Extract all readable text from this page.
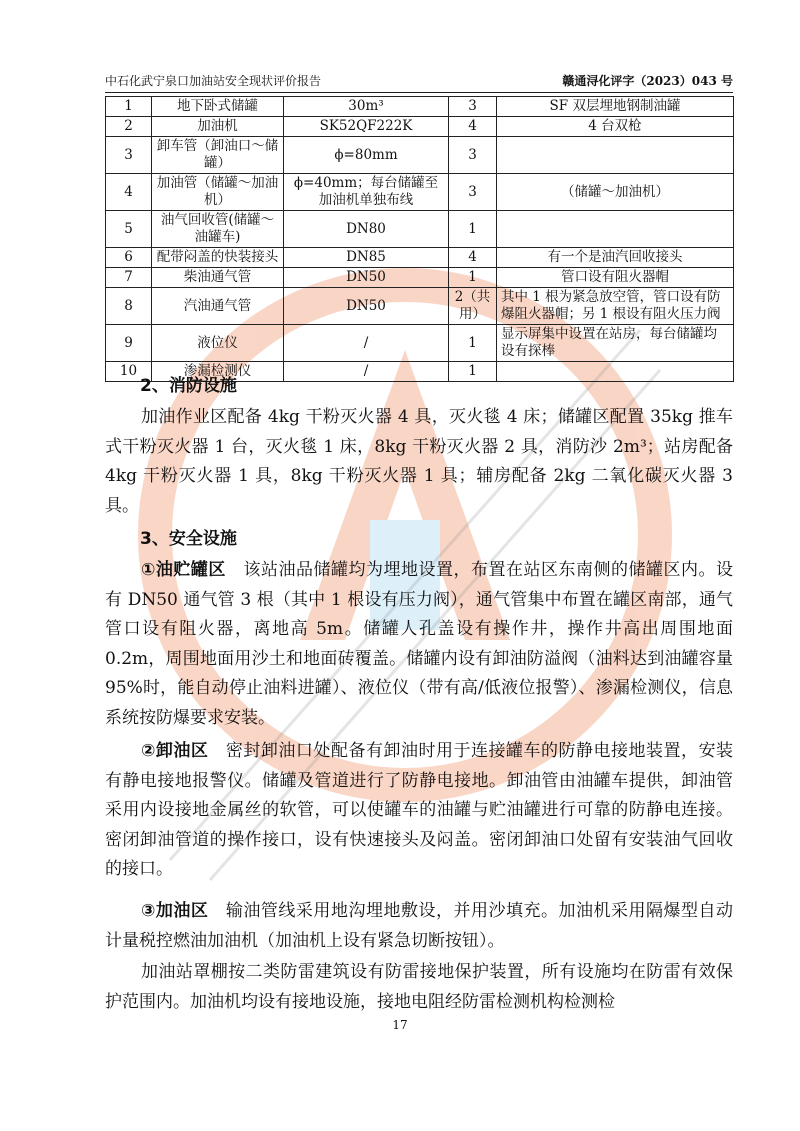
中石化武宁泉口加油站安全现状评价报告	赣通浔化评字（2023）043 号
1	地下卧式储罐	30m³	3	SF 双层埋地钢制油罐
2	加油机	SK52QF222K	4	4 台双枪
3	卸车管（卸油口～储罐）	ϕ=80mm	3	
4	加油管（储罐～加油机）	ϕ=40mm；每台储罐至加油机单独布线	3	（储罐～加油机）
5	油气回收管(储罐～油罐车)	DN80	1	
6	配带闷盖的快装接头	DN85	4	有一个是油汽回收接头
7	柴油通气管	DN50	1	管口设有阻火器帽
8	汽油通气管	DN50	2（共用）	其中 1 根为紧急放空管，管口设有防爆阻火器帽；另 1 根设有阻火压力阀
9	液位仪	/	1	显示屏集中设置在站房，每台储罐均设有探棒
10	渗漏检测仪	/	1	
2、消防设施

加油作业区配备 4kg 干粉灭火器 4 具，灭火毯 4 床；储罐区配置 35kg 推车式干粉灭火器 1 台，灭火毯 1 床，8kg 干粉灭火器 2 具，消防沙 2m³；站房配备 4kg 干粉灭火器 1 具，8kg 干粉灭火器 1 具；辅房配备 2kg 二氧化碳灭火器 3 具。

3、安全设施

①油贮罐区　 该站油品储罐均为埋地设置，布置在站区东南侧的储罐区内。设有 DN50 通气管 3 根（其中 1 根设有压力阀），通气管集中布置在罐区南部，通气管口设有阻火器，离地高 5m。储罐人孔盖设有操作井，操作井高出周围地面 0.2m，周围地面用沙土和地面砖覆盖。储罐内设有卸油防溢阀（油料达到油罐容量 95%时，能自动停止油料进罐）、液位仪（带有高/低液位报警）、渗漏检测仪，信息系统按防爆要求安装。

②卸油区　 密封卸油口处配备有卸油时用于连接罐车的防静电接地装置，安装有静电接地报警仪。储罐及管道进行了防静电接地。卸油管由油罐车提供，卸油管采用内设接地金属丝的软管，可以使罐车的油罐与贮油罐进行可靠的防静电连接。密闭卸油管道的操作接口，设有快速接头及闷盖。密闭卸油口处留有安装油气回收的接口。

③加油区　 输油管线采用地沟埋地敷设，并用沙填充。加油机采用隔爆型自动计量税控燃油加油机（加油机上设有紧急切断按钮）。

加油站罩棚按二类防雷建筑设有防雷接地保护装置，所有设施均在防雷有效保护范围内。加油机均设有接地设施，接地电阻经防雷检测机构检测检

17
